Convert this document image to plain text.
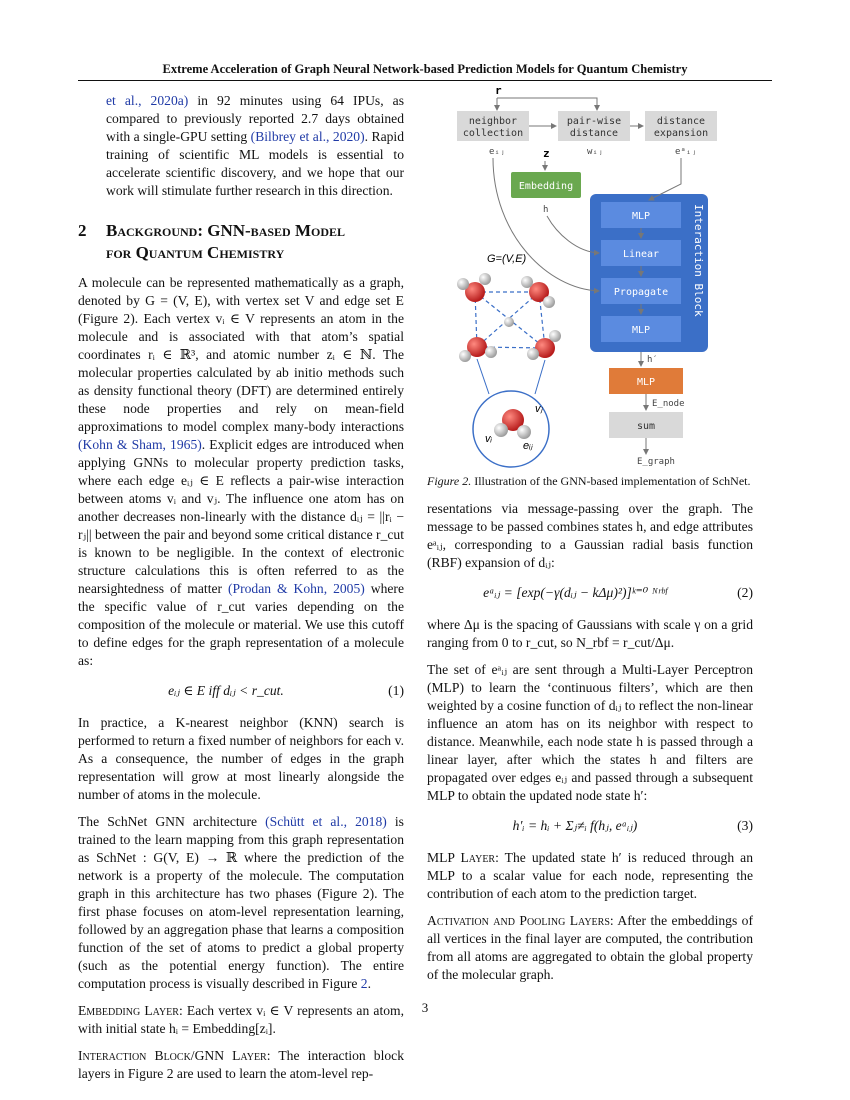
Extreme Acceleration of Graph Neural Network-based Prediction Models for Quantum Chemistry

et al., 2020a) in 92 minutes using 64 IPUs, as compared to previously reported 2.7 days obtained with a single-GPU setting (Bilbrey et al., 2020). Rapid training of scientific ML models is essential to accelerate scientific discovery, and we hope that our work will stimulate further research in this direction.

2	Background: GNN-based Model
for Quantum Chemistry

A molecule can be represented mathematically as a graph, denoted by G = (V, E), with vertex set V and edge set E (Figure 2). Each vertex vᵢ ∈ V represents an atom in the molecule and is associated with that atom’s spatial coordinates rᵢ ∈ ℝ³, and atomic number zᵢ ∈ ℕ. The molecular properties calculated by ab initio methods such as density functional theory (DFT) are determined entirely these node properties and rely on mean-field approximations to model complex many-body interactions (Kohn & Sham, 1965). Explicit edges are introduced when applying GNNs to molecular property prediction tasks, where each edge eᵢⱼ ∈ E reflects a pair-wise interaction between atoms vᵢ and vⱼ. The influence one atom has on another decreases non-linearly with the distance dᵢⱼ = ||rᵢ − rⱼ|| between the pair and beyond some critical distance r_cut is known to be negligible. In the context of electronic structure calculations this is often referred to as the nearsightedness of matter (Prodan & Kohn, 2005) where the specific value of r_cut varies depending on the composition of the molecule or material. We use this cutoff to define edges for the graph representation of a molecule as:

eᵢⱼ ∈ E iff dᵢⱼ < r_cut.	(1)

In practice, a K-nearest neighbor (KNN) search is performed to return a fixed number of neighbors for each v. As a consequence, the number of edges in the graph representation will grow at most linearly alongside the number of atoms in the molecule.

The SchNet GNN architecture (Schütt et al., 2018) is trained to the learn mapping from this graph representation as SchNet : G(V, E) → ℝ where the prediction of the network is a property of the molecule. The computation graph in this architecture has two phases (Figure 2). The first phase focuses on atom-level representation learning, followed by an aggregation phase that learns a composition function of the set of atoms to predict a global property (such as the potential energy function). The entire computation process is visually described in Figure 2.

Embedding Layer: Each vertex vᵢ ∈ V represents an atom, with initial state hᵢ = Embedding[zᵢ].

Interaction Block/GNN Layer: The interaction block layers in Figure 2 are used to learn the atom-level rep-

r
z
neighbor
collection
pair-wise
distance
distance
expansion
eᵢⱼ	wᵢⱼ	eᵃᵢⱼ
Embedding
h
MLP
Linear
Propagate
MLP
Interaction Block
h′
MLP
E_node
sum
E_graph
G=(V,E)
vⱼ
vᵢ
eᵢⱼ
Figure 2. Illustration of the GNN-based implementation of SchNet.

resentations via message-passing over the graph. The message to be passed combines states h, and edge attributes eᵃᵢⱼ, corresponding to a Gaussian radial basis function (RBF) expansion of dᵢⱼ:

eᵃᵢⱼ = [exp(−γ(dᵢⱼ − kΔμ)²)]ᵏ⁼⁰ ᴺʳᵇᶠ	(2)

where Δμ is the spacing of Gaussians with scale γ on a grid ranging from 0 to r_cut, so N_rbf = r_cut/Δμ.

The set of eᵃᵢⱼ are sent through a Multi-Layer Perceptron (MLP) to learn the ‘continuous filters’, which are then weighted by a cosine function of dᵢⱼ to reflect the non-linear influence an atom has on its neighbor with respect to distance. Meanwhile, each node state h is passed through a linear layer, after which the states h and filters are propagated over edges eᵢⱼ and passed through a subsequent MLP to obtain the updated node state h′:

h′ᵢ = hᵢ + Σⱼ≠ᵢ f(hⱼ, eᵃᵢⱼ)	(3)

MLP Layer: The updated state h′ is reduced through an MLP to a scalar value for each node, representing the contribution of each atom to the prediction target.

Activation and Pooling Layers: After the embeddings of all vertices in the final layer are computed, the contribution from all atoms are aggregated to obtain the global property of the molecular graph.

3
